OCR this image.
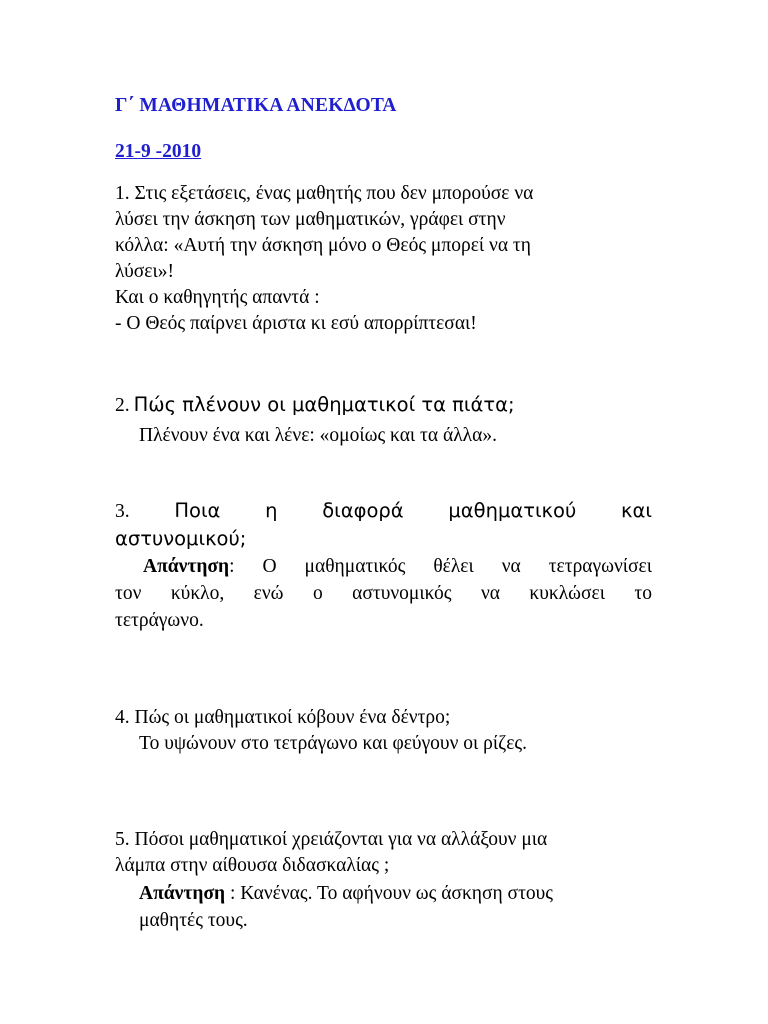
Γ΄ ΜΑΘΗΜΑΤΙΚΑ ΑΝΕΚΔΟΤΑ
21-9 -2010
1. Στις εξετάσεις, ένας μαθητής που δεν μπορούσε να
λύσει την άσκηση των μαθηματικών, γράφει στην
κόλλα: «Αυτή την άσκηση μόνο ο Θεός μπορεί να τη
λύσει»!
Και ο καθηγητής απαντά :
- Ο Θεός παίρνει άριστα κι εσύ απορρίπτεσαι!
2. Πώς πλένουν οι μαθηματικοί τα πιάτα;
Πλένουν ένα και λένε: «ομοίως και τα άλλα».
3. Ποια η διαφορά μαθηματικού και
αστυνομικού;
Απάντηση: Ο μαθηματικός θέλει να τετραγωνίσει
τον κύκλο, ενώ ο αστυνομικός να κυκλώσει το
τετράγωνο.
4. Πώς οι μαθηματικοί κόβουν ένα δέντρο;
Το υψώνουν στο τετράγωνο και φεύγουν οι ρίζες.
5. Πόσοι μαθηματικοί χρειάζονται για να αλλάξουν μια
λάμπα στην αίθουσα διδασκαλίας ;
Απάντηση : Κανένας. Το αφήνουν ως άσκηση στους
μαθητές τους.
